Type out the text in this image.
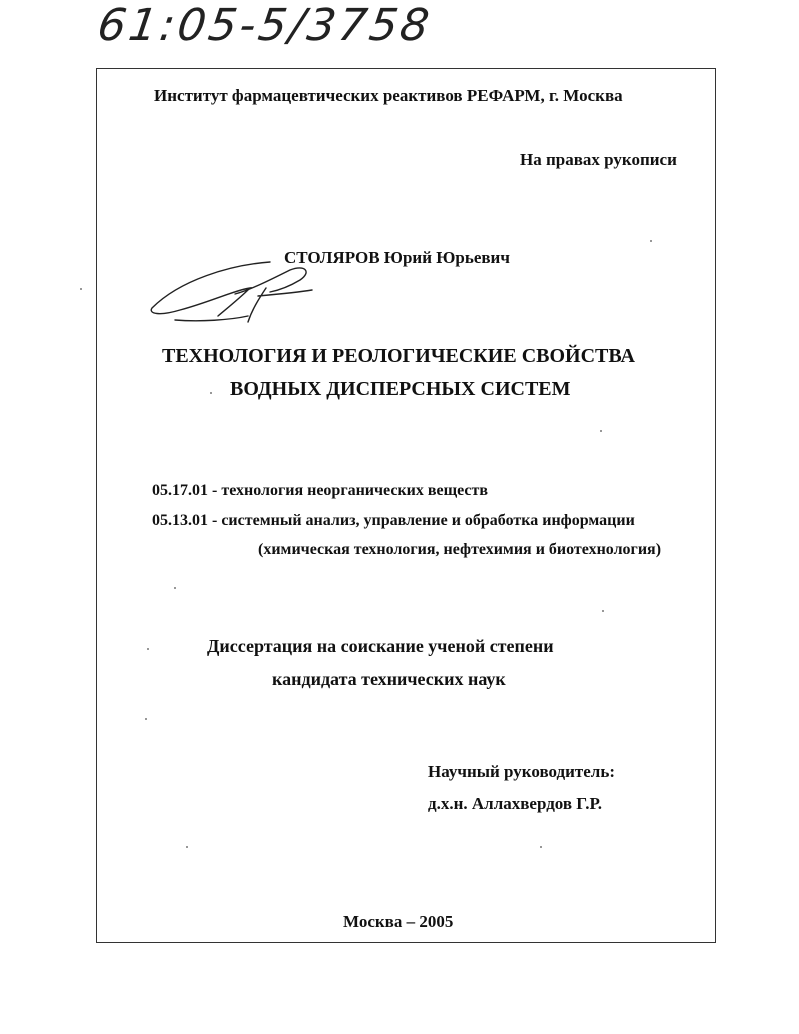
61:05-5/3758
Институт фармацевтических реактивов РЕФАРМ, г. Москва
На правах рукописи
СТОЛЯРОВ Юрий Юрьевич
ТЕХНОЛОГИЯ И РЕОЛОГИЧЕСКИЕ СВОЙСТВА
ВОДНЫХ ДИСПЕРСНЫХ СИСТЕМ
05.17.01 - технология неорганических веществ
05.13.01 - системный анализ, управление и обработка информации
(химическая технология, нефтехимия и биотехнология)
Диссертация на соискание ученой степени
кандидата технических наук
Научный руководитель:
д.х.н. Аллахвердов Г.Р.
Москва – 2005
